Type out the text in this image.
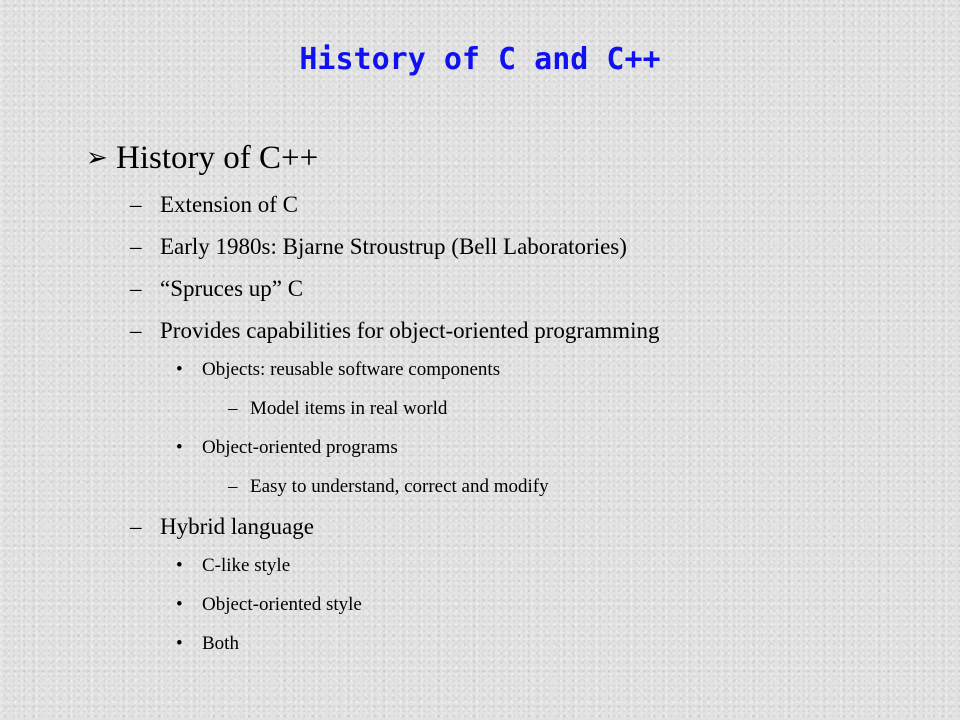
History of C and C++
➢ History of C++
– Extension of C
– Early 1980s: Bjarne Stroustrup (Bell Laboratories)
– “Spruces up” C
– Provides capabilities for object-oriented programming
• Objects: reusable software components
– Model items in real world
• Object-oriented programs
– Easy to understand, correct and modify
– Hybrid language
• C-like style
• Object-oriented style
• Both
